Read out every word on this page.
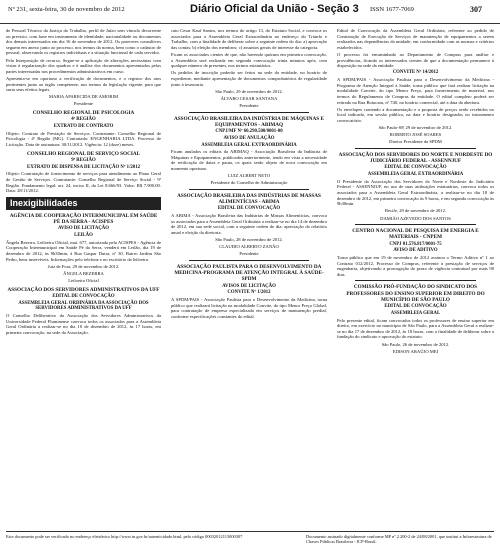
Nº 231, sexta-feira, 30 de novembro de 2012	Diário Oficial da União - Seção 3 ISSN 1677-7069	307

de Pessoal Técnico da Justiça do Trabalho, perfil de Juízo sem vínculo decorrente ou previsto, com base em instrumento de identidade, nacionalidade ou documentos dos demais interessados em dia 16 de novembro de 2012. Os pareceres consultivos seguem em anexo junto ao processo, nos termos da norma, bem como o cadastro de pessoal, observando os registros individuais e a situação funcional de cada servidor.

Pela Interposição de recurso, Segue-se a aplicação de alterações necessárias com vistas à regularização dos quadros e à análise dos documentos apresentados pelas partes interessadas nos procedimentos administrativos em curso.

Apresenta-se em oportuno a verificação de documentos, e o registro dos atos pertinentes junto ao órgão competente, nos termos da legislação vigente, para que surta seus efeitos legais.

MARIA APARECIDA DE AMORIM
Presidente
CONSELHO REGIONAL DE PSICOLOGIA
4ª REGIÃO
EXTRATO DE CONTRATO

Objeto: Contrato de Prestação de Serviços. Contratante: Conselho Regional de Psicologia - 4ª Região (MG). Contratada: ENGENHARIA LTDA. Processo de Licitação. Data de assinatura: 30/11/2012. Vigência: 12 (doze) meses.

CONSELHO REGIONAL DE SERVIÇO SOCIAL
9ª REGIÃO
EXTRATO DE DISPENSA DE LICITAÇÃO Nº 1/2012

Objeto: Contratação de fornecimento de serviços para atendimento ao Plano Geral de Gestão de Serviços. Contratante: Conselho Regional de Serviço Social - 9ª Região. Fundamento legal: art. 24, inciso II, da Lei 8.666/93. Valor: R$ 7.900,00. Data: 28/11/2012.

Inexigibilidades
AGÊNCIA DE COOPERAÇÃO INTERMUNICIPAL EM SAÚDE PÉ DA SERRA - ACISPES
AVISO DE LICITAÇÃO
LEILÃO

Ângela Bezerra, Leiloeira Oficial, mat. 677, autorizada pela ACISPES - Agência de Cooperação Intermunicipal em Saúde Pé da Serra, venderá em Leilão, dia 19 de dezembro de 2012, às 9h30min, à Rua Gaspar Dutra, nº 30, Bairro Jardim São Pedro, bens inservíveis. Informações pelo telefone e no escritório da leiloeira.

Juiz de Fora, 29 de novembro de 2012.
ÂNGELA BEZERRA
Leiloeira Oficial
ASSOCIAÇÃO DOS SERVIDORES ADMINISTRATIVOS DA UFF
EDITAL DE CONVOCAÇÃO
ASSEMBLEIA GERAL ORDINÁRIA DA ASSOCIAÇÃO DOS SERVIDORES ADMINISTRATIVOS DA UFF

O Conselho Deliberativo da Associação dos Servidores Administrativos da Universidade Federal Fluminense convoca todos os associados para a Assembleia Geral Ordinária a realizar-se no dia 10 de dezembro de 2012, às 17 horas, em primeira convocação, na sede da Associação.

cato Cesar Kauf Santos, nos termos do artigo 13, do Estatuto Social, e convoca os associados para a Assembleia Geral Extraordinária no endereço do Triunfo e Trabalho, com a finalidade de deliberar sobre a seguinte ordem do dia: a) aprovação das contas; b) eleição dos membros; c) assuntos gerais de interesse da categoria.

Ficam os associados cientes de que, não havendo quórum em primeira convocação, a Assembleia será realizada em segunda convocação trinta minutos após, com qualquer número de presentes, nos termos estatutários.

Os pedidos de inscrição poderão ser feitos na sede da entidade, no horário de expediente, mediante apresentação de documentos comprobatórios de regularidade junto à tesouraria.

São Paulo, 29 de novembro de 2012.
ÁLVARO CESAR SANTANA
Presidente
ASSOCIAÇÃO BRASILEIRA DA INDÚSTRIA DE MÁQUINAS E EQUIPAMENTOS - ABIMAQ
CNPJ/MF Nº 60.290.500/0001-00
AVISO DE ANULAÇÃO
ASSEMBLEIA GERAL EXTRAORDINÁRIA

Ficam anulados os editais da ABIMAQ - Associação Brasileira da Indústria de Máquinas e Equipamentos, publicados anteriormente, tendo em vista a necessidade de retificação de datas e pauta, os quais serão objeto de nova convocação em momento oportuno.

LUIZ ALBERT NETO
Presidente do Conselho de Administração
ASSOCIAÇÃO BRASILEIRA DAS INDÚSTRIAS DE MASSAS ALIMENTÍCIAS - ABIMA
EDITAL DE CONVOCAÇÃO

A ABIMA - Associação Brasileira das Indústrias de Massas Alimentícias, convoca os associados para a Assembleia Geral Ordinária a realizar-se no dia 14 de dezembro de 2012, em sua sede social, com a seguinte ordem do dia: apreciação do relatório anual e eleição da diretoria.

São Paulo, 28 de novembro de 2012.
CLAUDIO ALBERTO ZANÃO
Presidente
ASSOCIAÇÃO PAULISTA PARA O DESENVOLVIMENTO DA MEDICINA-PROGRAMA DE ATENÇÃO INTEGRAL À SAÚDE-SPDM
AVISOS DE LICITAÇÃO
CONVITE Nº 1/2012

A SPDM/PAIS - Associação Paulista para o Desenvolvimento da Medicina, torna público que realizará licitação na modalidade Convite, do tipo Menor Preço Global, para contratação de empresa especializada em serviços de manutenção predial, conforme especificações constantes do edital.

Edital de Convocação da Assembleia Geral Ordinária, referente ao pedido de Contratação de Execução de Serviços de manutenção de equipamentos a serem realizados nas dependências da unidade, em conformidade com as normas e critérios estabelecidos.

O processo foi encaminhado ao Departamento de Compras para análise e providências, ficando os interessados cientes de que a documentação permanece à disposição na sede da entidade.

CONVITE Nº 14/2012

A SPDM/PAIS - Associação Paulista para o Desenvolvimento da Medicina - Programa de Atenção Integral à Saúde, torna público que fará realizar licitação na modalidade Convite, do tipo Menor Preço, para fornecimento de material, nos termos do Regulamento de Compras da entidade. O edital completo poderá ser retirado na Rua Botucatu, nº 740, no horário comercial, até a data da abertura.

Os envelopes contendo a documentação e a proposta de preços serão recebidos no local indicado, em sessão pública, na data e horário designados no instrumento convocatório.

São Paulo-SP, 29 de novembro de 2012.
ROBERTO JOSÉ SOARES
Diretor Presidente da SPDM
ASSOCIAÇÃO DOS SERVIDORES DO NORTE E NORDESTE DO JUDICIÁRIO FEDERAL - ASSENNJUF
EDITAL DE CONVOCAÇÃO
ASSEMBLEIA GERAL EXTRAORDINÁRIA

O Presidente da Associação dos Servidores do Norte e Nordeste do Judiciário Federal - ASSENNJUF, no uso de suas atribuições estatutárias, convoca todos os associados para a Assembleia Geral Extraordinária, a realizar-se no dia 18 de dezembro de 2012, em primeira convocação às 9 horas, e em segunda convocação às 9h30min.

Recife, 29 de novembro de 2012.
DAMIÃO AZEVEDO DOS SANTOS
CENTRO NACIONAL DE PESQUISA EM ENERGIA E MATERIAIS - CNPEM
CNPJ 01.576.817/0001-75
AVISO DE ADITIVO

Torna público que em 19 de novembro de 2012 assinou o Termo Aditivo nº 1 ao Contrato 012/2012, Processo de Compras, referente à prestação de serviços de engenharia, objetivando a prorrogação do prazo de vigência contratual por mais 90 dias.

COMISSÃO PRÓ-FUNDAÇÃO DO SINDICATO DOS PROFESSORES DO ENSINO SUPERIOR EM DIREITO DO MUNICÍPIO DE SÃO PAULO
EDITAL DE CONVOCAÇÃO
ASSEMBLEIA GERAL

Pelo presente edital, ficam convocados todos os professores de ensino superior em direito, em exercício no município de São Paulo, para a Assembleia Geral a realizar-se no dia 17 de dezembro de 2012, às 18 horas, com a finalidade de deliberar sobre a fundação do sindicato e aprovação do estatuto.

São Paulo, 26 de novembro de 2012.
EDISON ARAÚJO MEI
Este documento pode ser verificado no endereço eletrônico http://www.in.gov.br/autenticidade.html, pelo código 00032012113000307	Documento assinado digitalmente conforme MP nº 2.200-2 de 24/08/2001, que institui a Infraestrutura de Chaves Públicas Brasileira - ICP-Brasil.
